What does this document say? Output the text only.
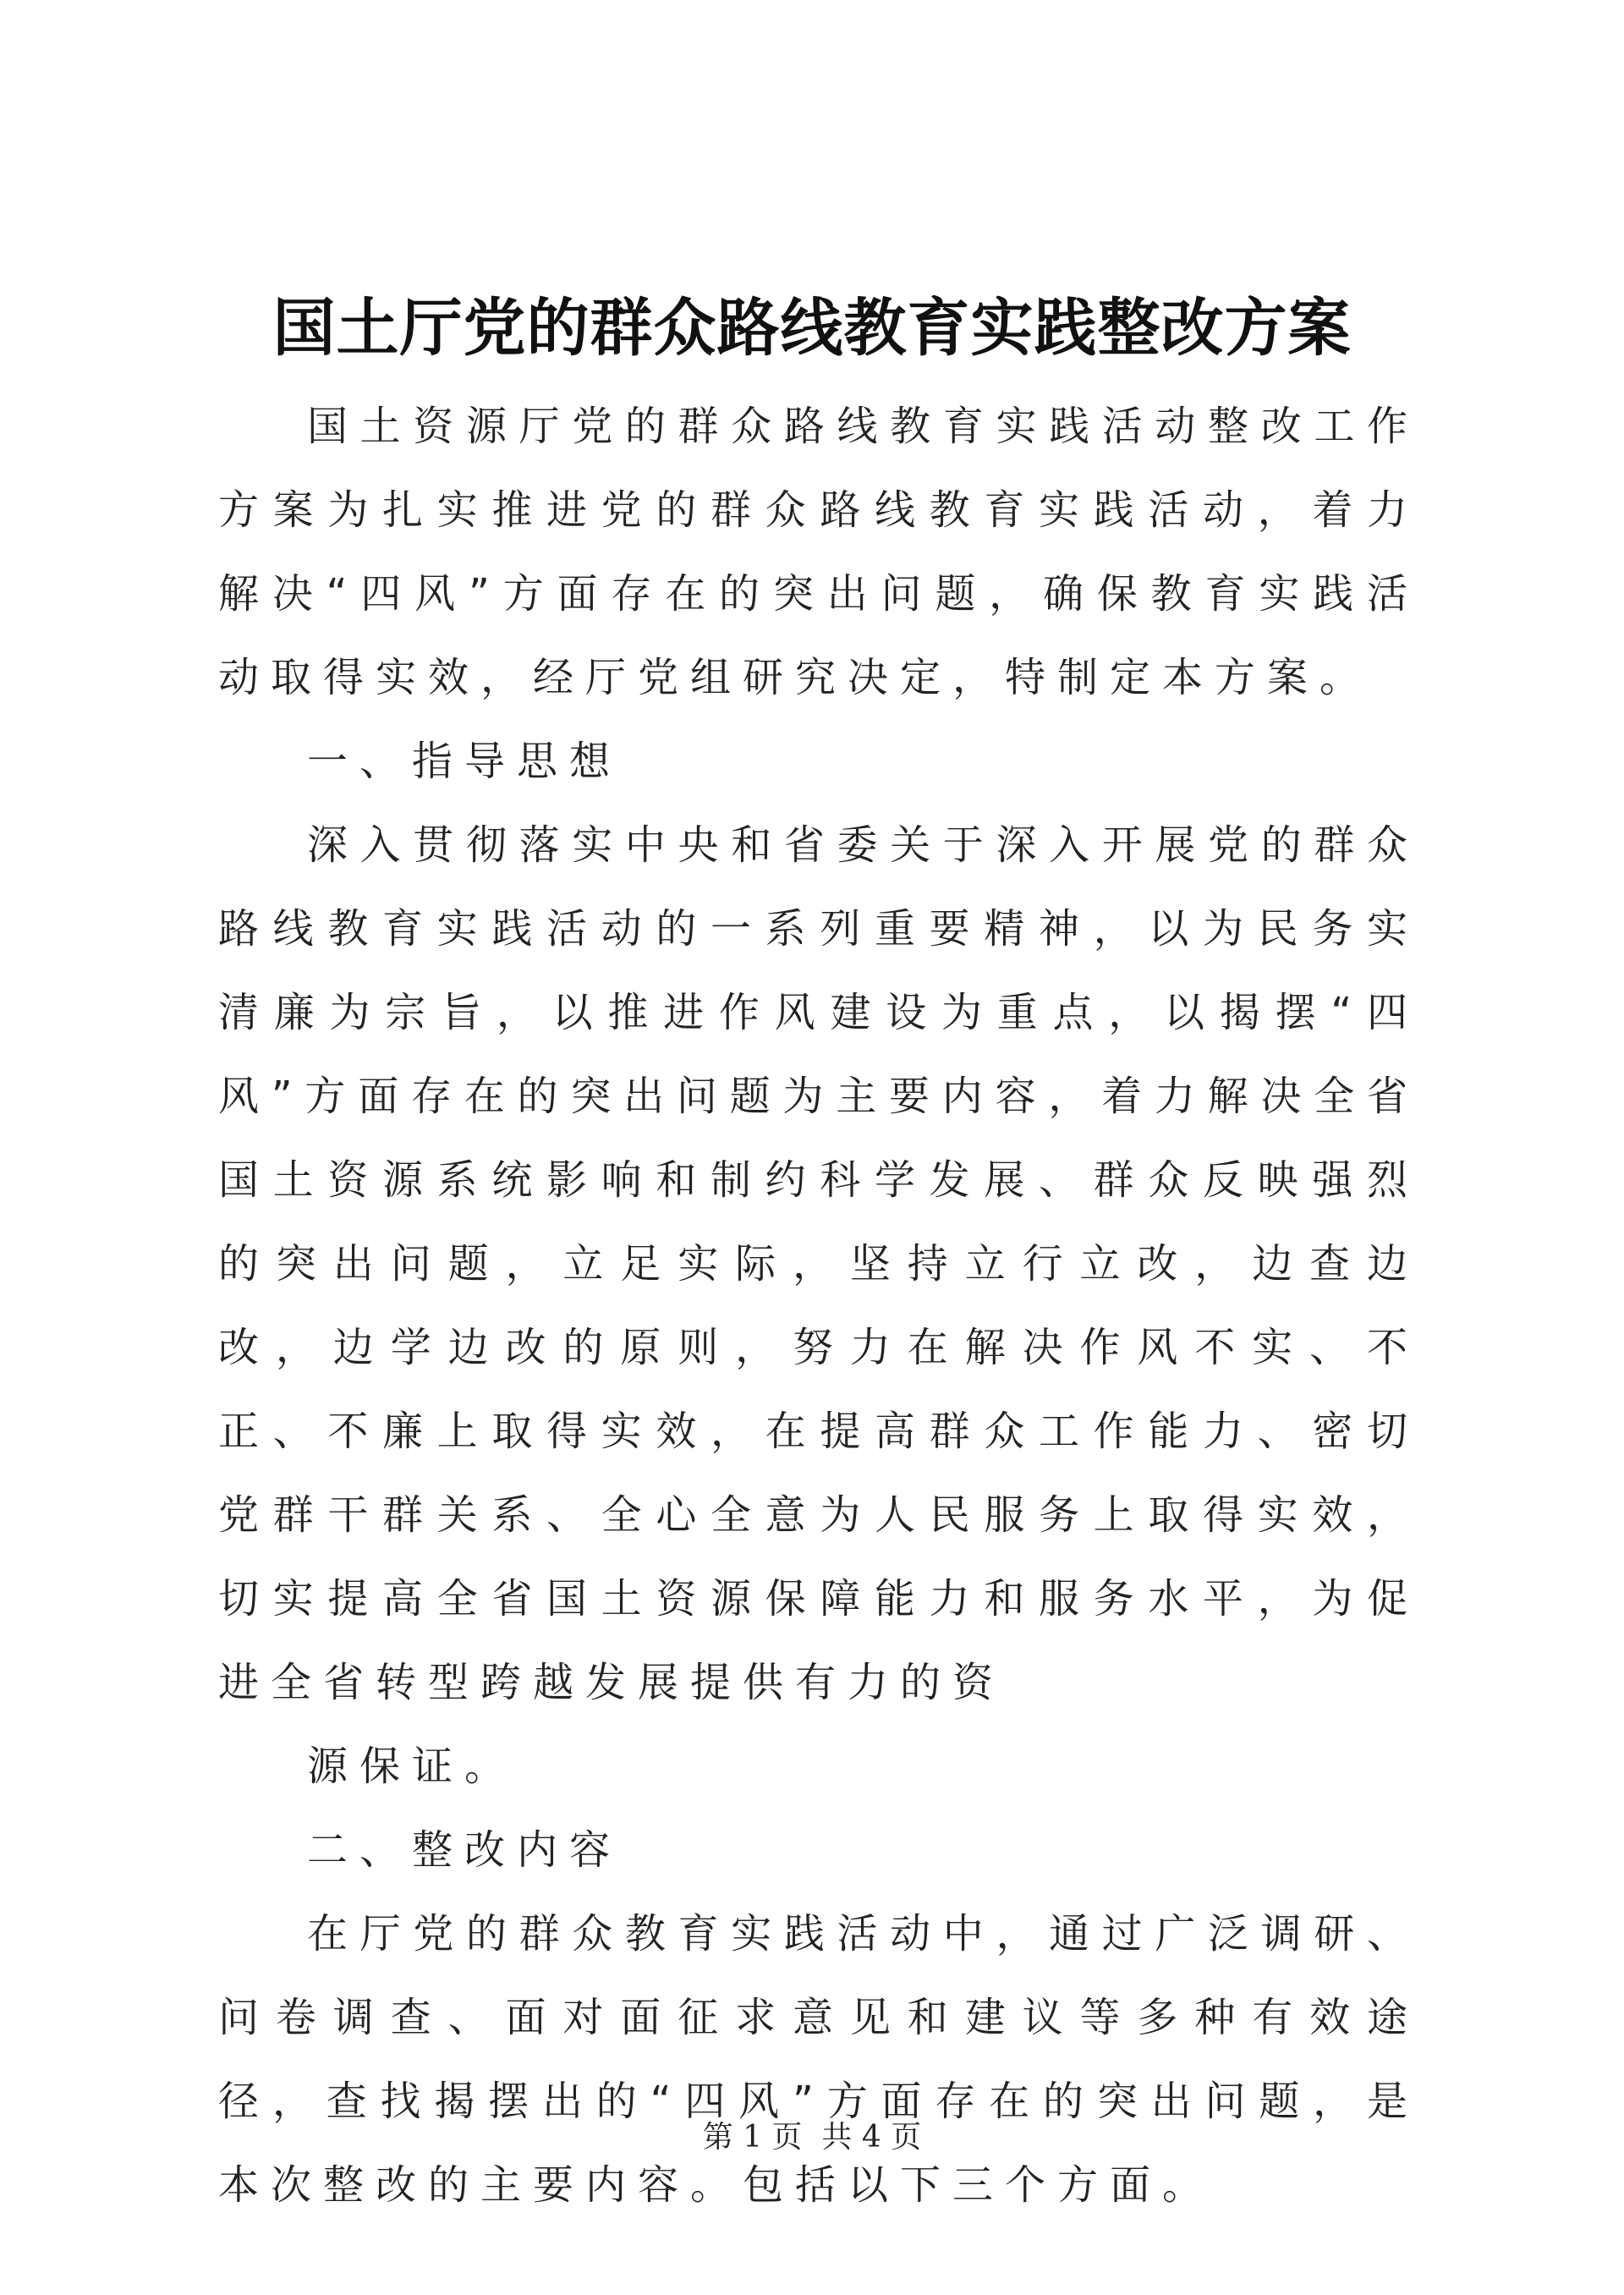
国土厅党的群众路线教育实践整改方案

国土资源厅党的群众路线教育实践活动整改工作方案为扎实推进党的群众路线教育实践活动，着力解决“四风”方面存在的突出问题，确保教育实践活动取得实效，经厅党组研究决定，特制定本方案。

一、指导思想

深入贯彻落实中央和省委关于深入开展党的群众路线教育实践活动的一系列重要精神，以为民务实清廉为宗旨，以推进作风建设为重点，以揭摆“四风”方面存在的突出问题为主要内容，着力解决全省国土资源系统影响和制约科学发展、群众反映强烈的突出问题，立足实际，坚持立行立改，边查边改，边学边改的原则，努力在解决作风不实、不正、不廉上取得实效，在提高群众工作能力、密切党群干群关系、全心全意为人民服务上取得实效，切实提高全省国土资源保障能力和服务水平，为促进全省转型跨越发展提供有力的资

源保证。

二、整改内容

在厅党的群众教育实践活动中，通过广泛调研、问卷调查、面对面征求意见和建议等多种有效途径，查找揭摆出的“四风”方面存在的突出问题，是本次整改的主要内容。包括以下三个方面。

第 1 页  共 4 页
